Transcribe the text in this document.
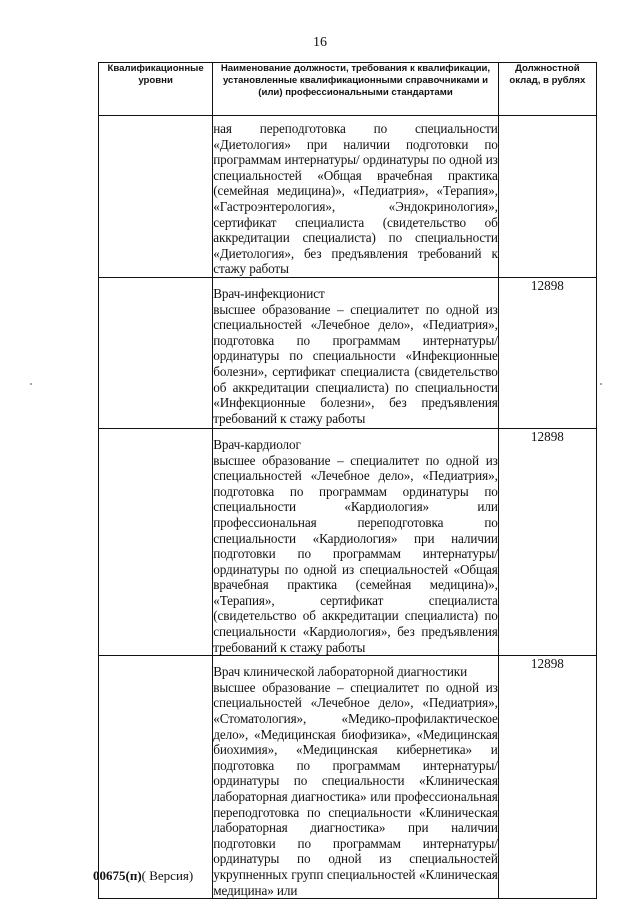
16
Квалификационные уровни	Наименование должности, требования к квалификации, установленные квалификационными справочниками и (или) профессиональными стандартами	Должностной оклад, в рублях
	ная переподготовка по специальности «Диетология» при наличии подготовки по программам интернатуры/ ординатуры по одной из специальностей «Общая врачебная практика (семейная медицина)», «Педиатрия», «Терапия», «Гастроэнтерология», «Эндокринология», сертификат специалиста (свидетельство об аккредитации специалиста) по специальности «Диетология», без предъявления требований к стажу работы	

	Врач-инфекционист
высшее образование – специалитет по одной из специальностей «Лечебное дело», «Педиатрия», подготовка по программам интернатуры/ординатуры по специальности «Инфекционные болезни», сертификат специалиста (свидетельство об аккредитации специалиста) по специальности «Инфекционные болезни», без предъявления требований к стажу работы	12898

	Врач-кардиолог
высшее образование – специалитет по одной из специальностей «Лечебное дело», «Педиатрия», подготовка по программам ординатуры по специальности «Кардиология» или профессиональная переподготовка по специальности «Кардиология» при наличии подготовки по программам интернатуры/ординатуры по одной из специальностей «Общая врачебная практика (семейная медицина)», «Терапия», сертификат специалиста (свидетельство об аккредитации специалиста) по специальности «Кардиология», без предъявления требований к стажу работы	12898

	Врач клинической лабораторной диагностики
высшее образование – специалитет по одной из специальностей «Лечебное дело», «Педиатрия», «Стоматология», «Медико-профилактическое дело», «Медицинская биофизика», «Медицинская биохимия», «Медицинская кибернетика» и подготовка по программам интернатуры/ординатуры по специальности «Клиническая лабораторная диагностика» или профессиональная переподготовка по специальности «Клиническая лабораторная диагностика» при наличии подготовки по программам интернатуры/ординатуры по одной из специальностей укрупненных групп специальностей «Клиническая медицина» или	12898
00675(п)( Версия)
